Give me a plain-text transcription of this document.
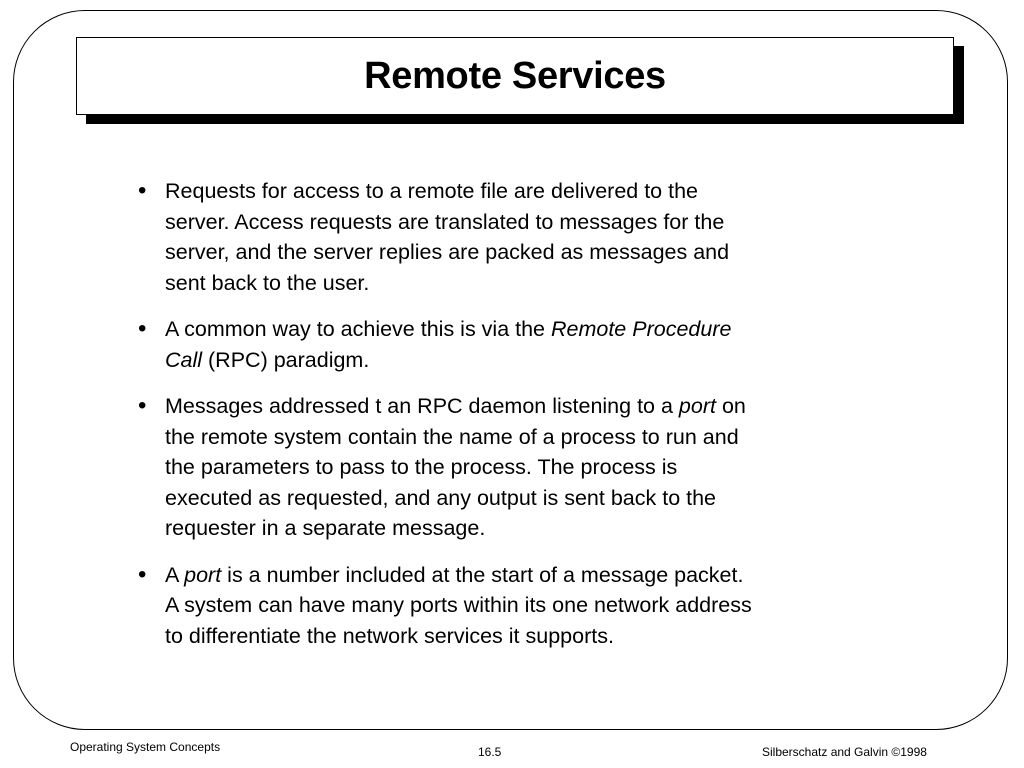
Remote Services
• Requests for access to a remote file are delivered to the
server. Access requests are translated to messages for the
server, and the server replies are packed as messages and
sent back to the user.
• A common way to achieve this is via the Remote Procedure
Call (RPC) paradigm.
• Messages addressed t an RPC daemon listening to a port on
the remote system contain the name of a process to run and
the parameters to pass to the process. The process is
executed as requested, and any output is sent back to the
requester in a separate message.
• A port is a number included at the start of a message packet.
A system can have many ports within its one network address
to differentiate the network services it supports.
Operating System Concepts	16.5	Silberschatz and Galvin ©1998
